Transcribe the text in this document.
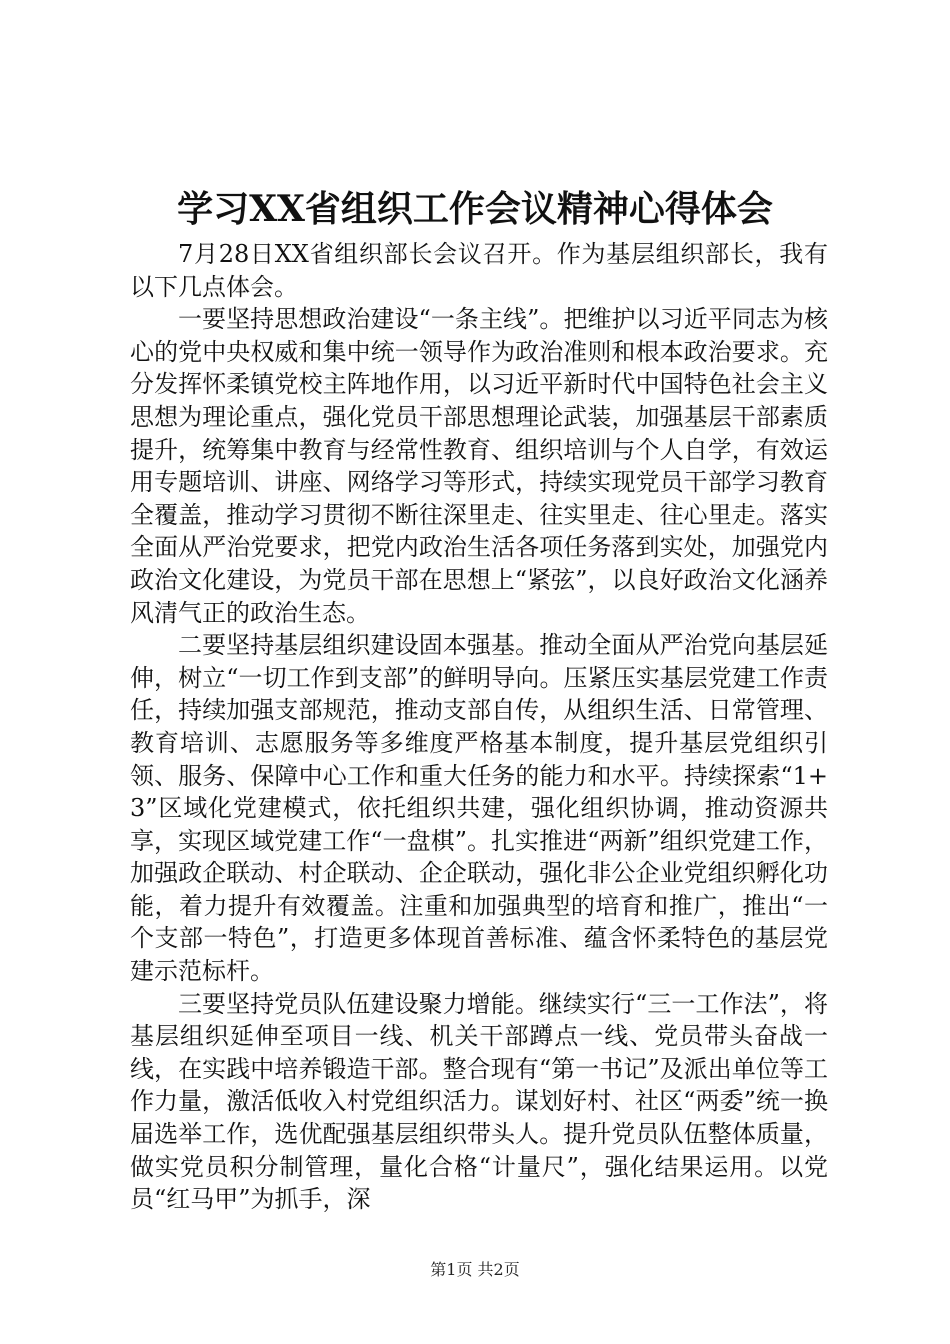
学习XX省组织工作会议精神心得体会

7月28日XX省组织部长会议召开。作为基层组织部长，我有以下几点体会。

一要坚持思想政治建设“一条主线”。把维护以习近平同志为核心的党中央权威和集中统一领导作为政治准则和根本政治要求。充分发挥怀柔镇党校主阵地作用，以习近平新时代中国特色社会主义思想为理论重点，强化党员干部思想理论武装，加强基层干部素质提升，统筹集中教育与经常性教育、组织培训与个人自学，有效运用专题培训、讲座、网络学习等形式，持续实现党员干部学习教育全覆盖，推动学习贯彻不断往深里走、往实里走、往心里走。落实全面从严治党要求，把党内政治生活各项任务落到实处，加强党内政治文化建设，为党员干部在思想上“紧弦”，以良好政治文化涵养风清气正的政治生态。

二要坚持基层组织建设固本强基。推动全面从严治党向基层延伸，树立“一切工作到支部”的鲜明导向。压紧压实基层党建工作责任，持续加强支部规范，推动支部自传，从组织生活、日常管理、教育培训、志愿服务等多维度严格基本制度，提升基层党组织引领、服务、保障中心工作和重大任务的能力和水平。持续探索“1+3”区域化党建模式，依托组织共建，强化组织协调，推动资源共享，实现区域党建工作“一盘棋”。扎实推进“两新”组织党建工作，加强政企联动、村企联动、企企联动，强化非公企业党组织孵化功能，着力提升有效覆盖。注重和加强典型的培育和推广，推出“一个支部一特色”，打造更多体现首善标准、蕴含怀柔特色的基层党建示范标杆。

三要坚持党员队伍建设聚力增能。继续实行“三一工作法”，将基层组织延伸至项目一线、机关干部蹲点一线、党员带头奋战一线，在实践中培养锻造干部。整合现有“第一书记”及派出单位等工作力量，激活低收入村党组织活力。谋划好村、社区“两委”统一换届选举工作，选优配强基层组织带头人。提升党员队伍整体质量，做实党员积分制管理，量化合格“计量尺”，强化结果运用。以党员“红马甲”为抓手，深

第1页 共2页
